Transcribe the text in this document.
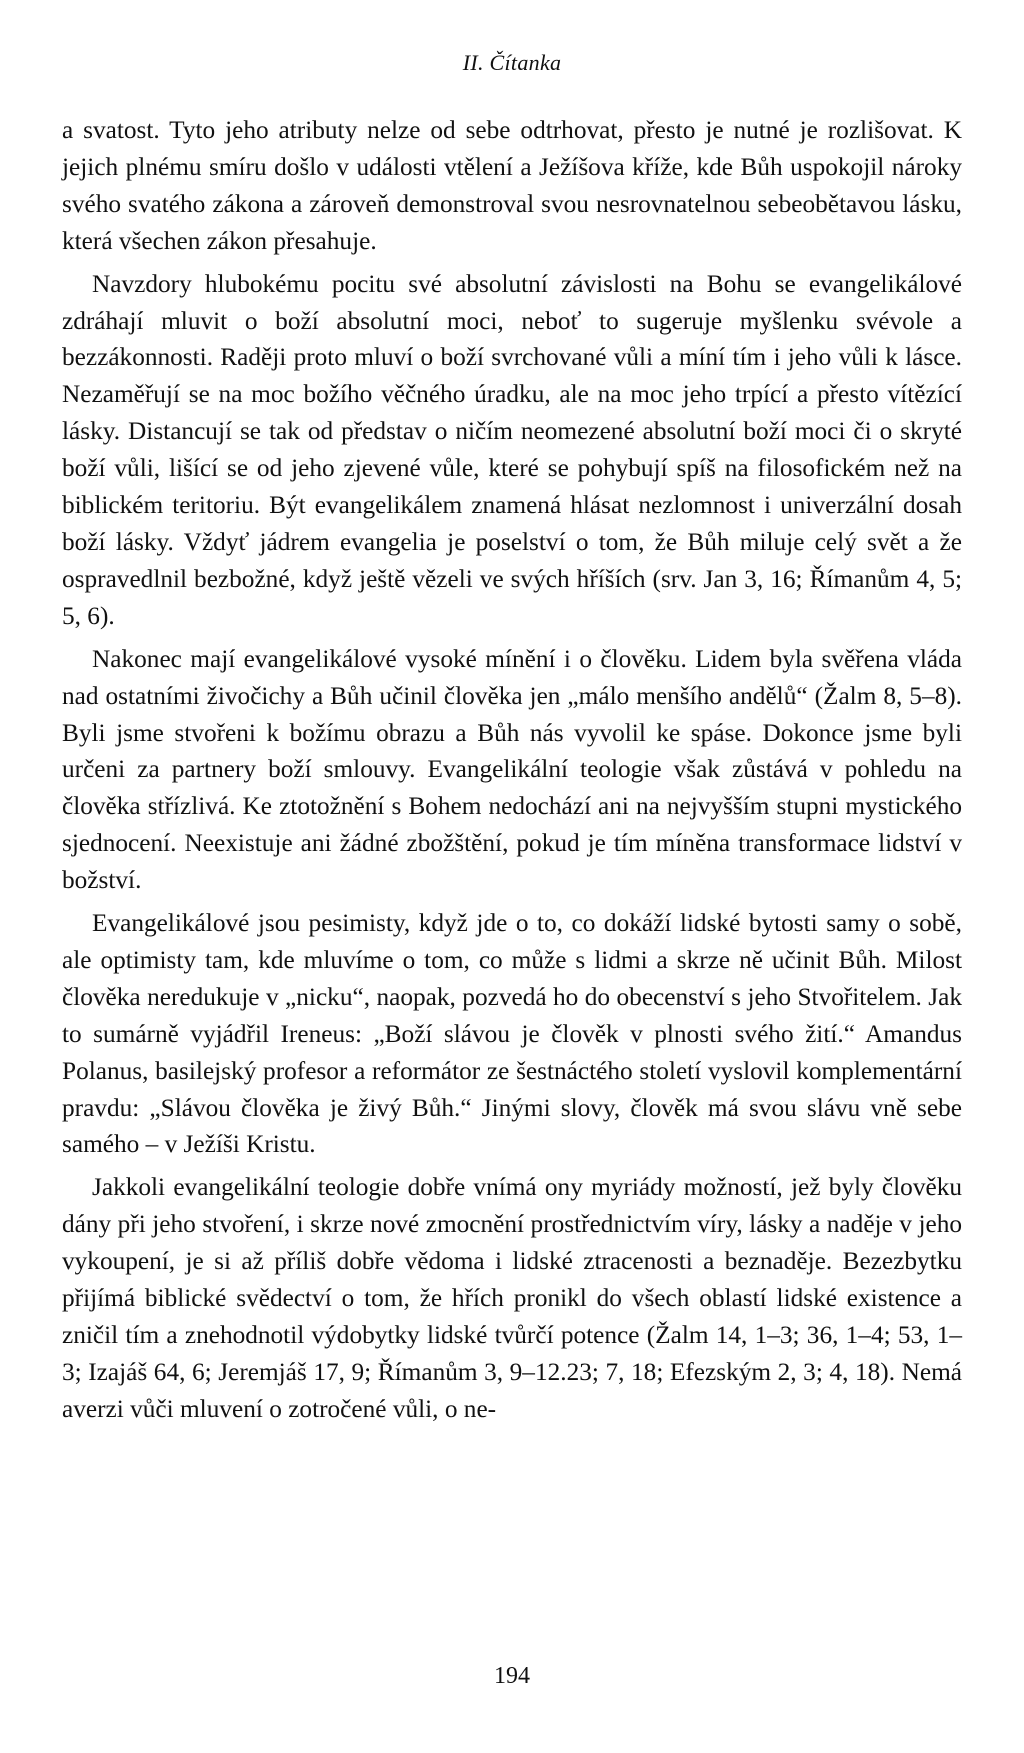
II. Čítanka

a svatost. Tyto jeho atributy nelze od sebe odtrhovat, přesto je nutné je rozlišovat. K jejich plnému smíru došlo v události vtělení a Ježíšova kříže, kde Bůh uspokojil nároky svého svatého zákona a zároveň demonstroval svou nesrovnatelnou sebeobětavou lásku, která všechen zákon přesahuje.

Navzdory hlubokému pocitu své absolutní závislosti na Bohu se evangelikálové zdráhají mluvit o boží absolutní moci, neboť to sugeruje myšlenku svévole a bezzákonnosti. Raději proto mluví o boží svrchované vůli a míní tím i jeho vůli k lásce. Nezaměřují se na moc božího věčného úradku, ale na moc jeho trpící a přesto vítězící lásky. Distancují se tak od představ o ničím neomezené absolutní boží moci či o skryté boží vůli, lišící se od jeho zjevené vůle, které se pohybují spíš na filosofickém než na biblickém teritoriu. Být evangelikálem znamená hlásat nezlomnost i univerzální dosah boží lásky. Vždyť jádrem evangelia je poselství o tom, že Bůh miluje celý svět a že ospravedlnil bezbožné, když ještě vězeli ve svých hříších (srv. Jan 3, 16; Římanům 4, 5; 5, 6).

Nakonec mají evangelikálové vysoké mínění i o člověku. Lidem byla svěřena vláda nad ostatními živočichy a Bůh učinil člověka jen „málo menšího andělů“ (Žalm 8, 5–8). Byli jsme stvořeni k božímu obrazu a Bůh nás vyvolil ke spáse. Dokonce jsme byli určeni za partnery boží smlouvy. Evangelikální teologie však zůstává v pohledu na člověka střízlivá. Ke ztotožnění s Bohem nedochází ani na nejvyšším stupni mystického sjednocení. Neexistuje ani žádné zbožštění, pokud je tím míněna transformace lidství v božství.

Evangelikálové jsou pesimisty, když jde o to, co dokáží lidské bytosti samy o sobě, ale optimisty tam, kde mluvíme o tom, co může s lidmi a skrze ně učinit Bůh. Milost člověka neredukuje v „nicku“, naopak, pozvedá ho do obecenství s jeho Stvořitelem. Jak to sumárně vyjádřil Ireneus: „Boží slávou je člověk v plnosti svého žití.“ Amandus Polanus, basilejský profesor a reformátor ze šestnáctého století vyslovil komplementární pravdu: „Slávou člověka je živý Bůh.“ Jinými slovy, člověk má svou slávu vně sebe samého – v Ježíši Kristu.

Jakkoli evangelikální teologie dobře vnímá ony myriády možností, jež byly člověku dány při jeho stvoření, i skrze nové zmocnění prostřednictvím víry, lásky a naděje v jeho vykoupení, je si až příliš dobře vědoma i lidské ztracenosti a beznaděje. Bezezbytku přijímá biblické svědectví o tom, že hřích pronikl do všech oblastí lidské existence a zničil tím a znehodnotil výdobytky lidské tvůrčí potence (Žalm 14, 1–3; 36, 1–4; 53, 1–3; Izajáš 64, 6; Jeremjáš 17, 9; Římanům 3, 9–12.23; 7, 18; Efezským 2, 3; 4, 18). Nemá averzi vůči mluvení o zotročené vůli, o ne-

194
